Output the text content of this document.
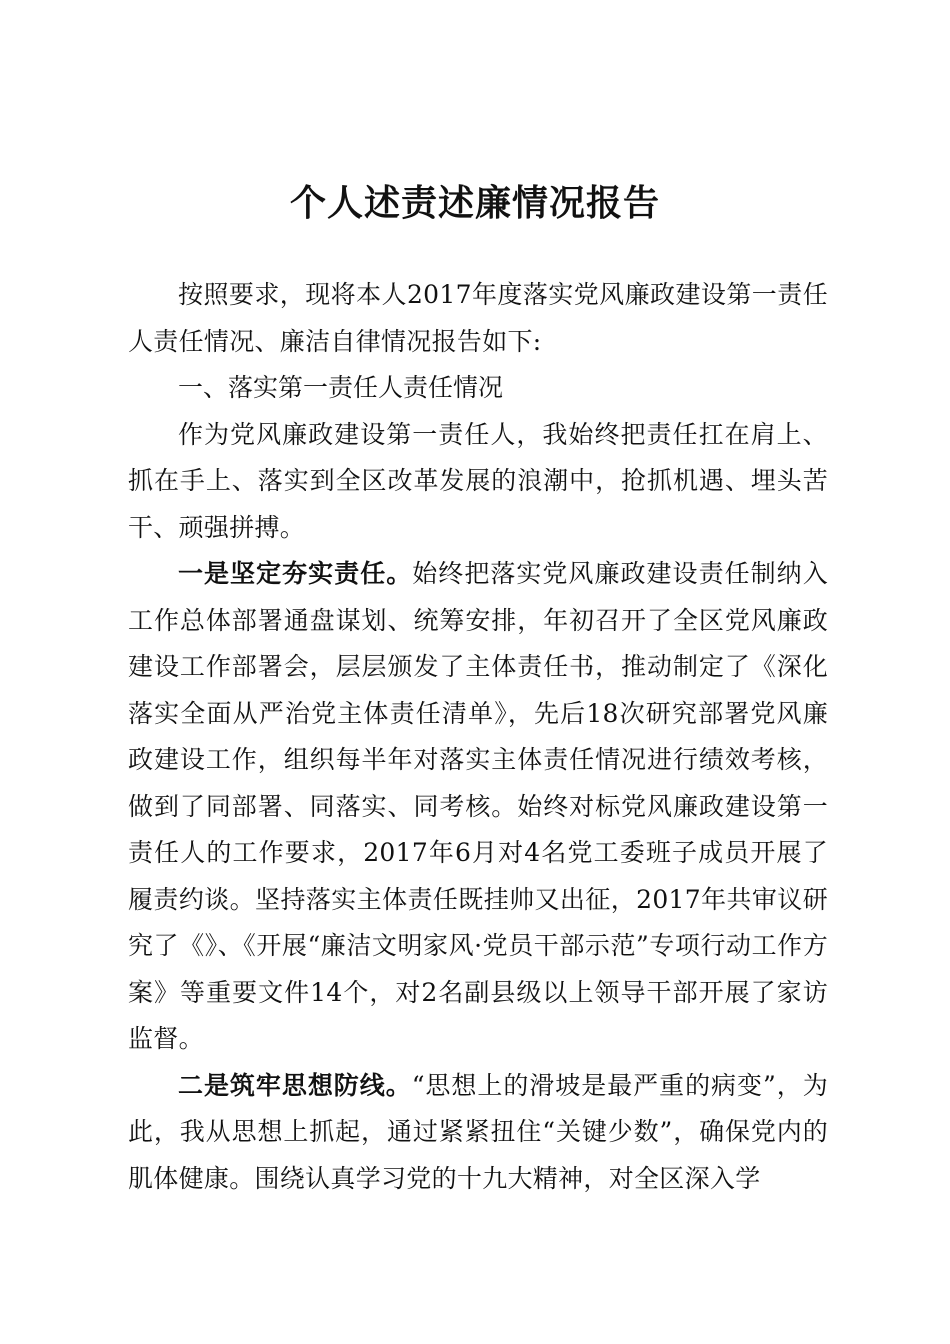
个人述责述廉情况报告

按照要求，现将本人2017年度落实党风廉政建设第一责任人责任情况、廉洁自律情况报告如下:

一、落实第一责任人责任情况

作为党风廉政建设第一责任人，我始终把责任扛在肩上、抓在手上、落实到全区改革发展的浪潮中，抢抓机遇、埋头苦干、顽强拼搏。

一是坚定夯实责任。始终把落实党风廉政建设责任制纳入工作总体部署通盘谋划、统筹安排，年初召开了全区党风廉政建设工作部署会，层层颁发了主体责任书，推动制定了《深化落实全面从严治党主体责任清单》，先后18次研究部署党风廉政建设工作，组织每半年对落实主体责任情况进行绩效考核，做到了同部署、同落实、同考核。始终对标党风廉政建设第一责任人的工作要求，2017年6月对4名党工委班子成员开展了履责约谈。坚持落实主体责任既挂帅又出征，2017年共审议研究了《》、《开展“廉洁文明家风·党员干部示范”专项行动工作方案》等重要文件14个，对2名副县级以上领导干部开展了家访监督。

二是筑牢思想防线。“思想上的滑坡是最严重的病变”，为此，我从思想上抓起，通过紧紧扭住“关键少数”，确保党内的肌体健康。围绕认真学习党的十九大精神，对全区深入学
